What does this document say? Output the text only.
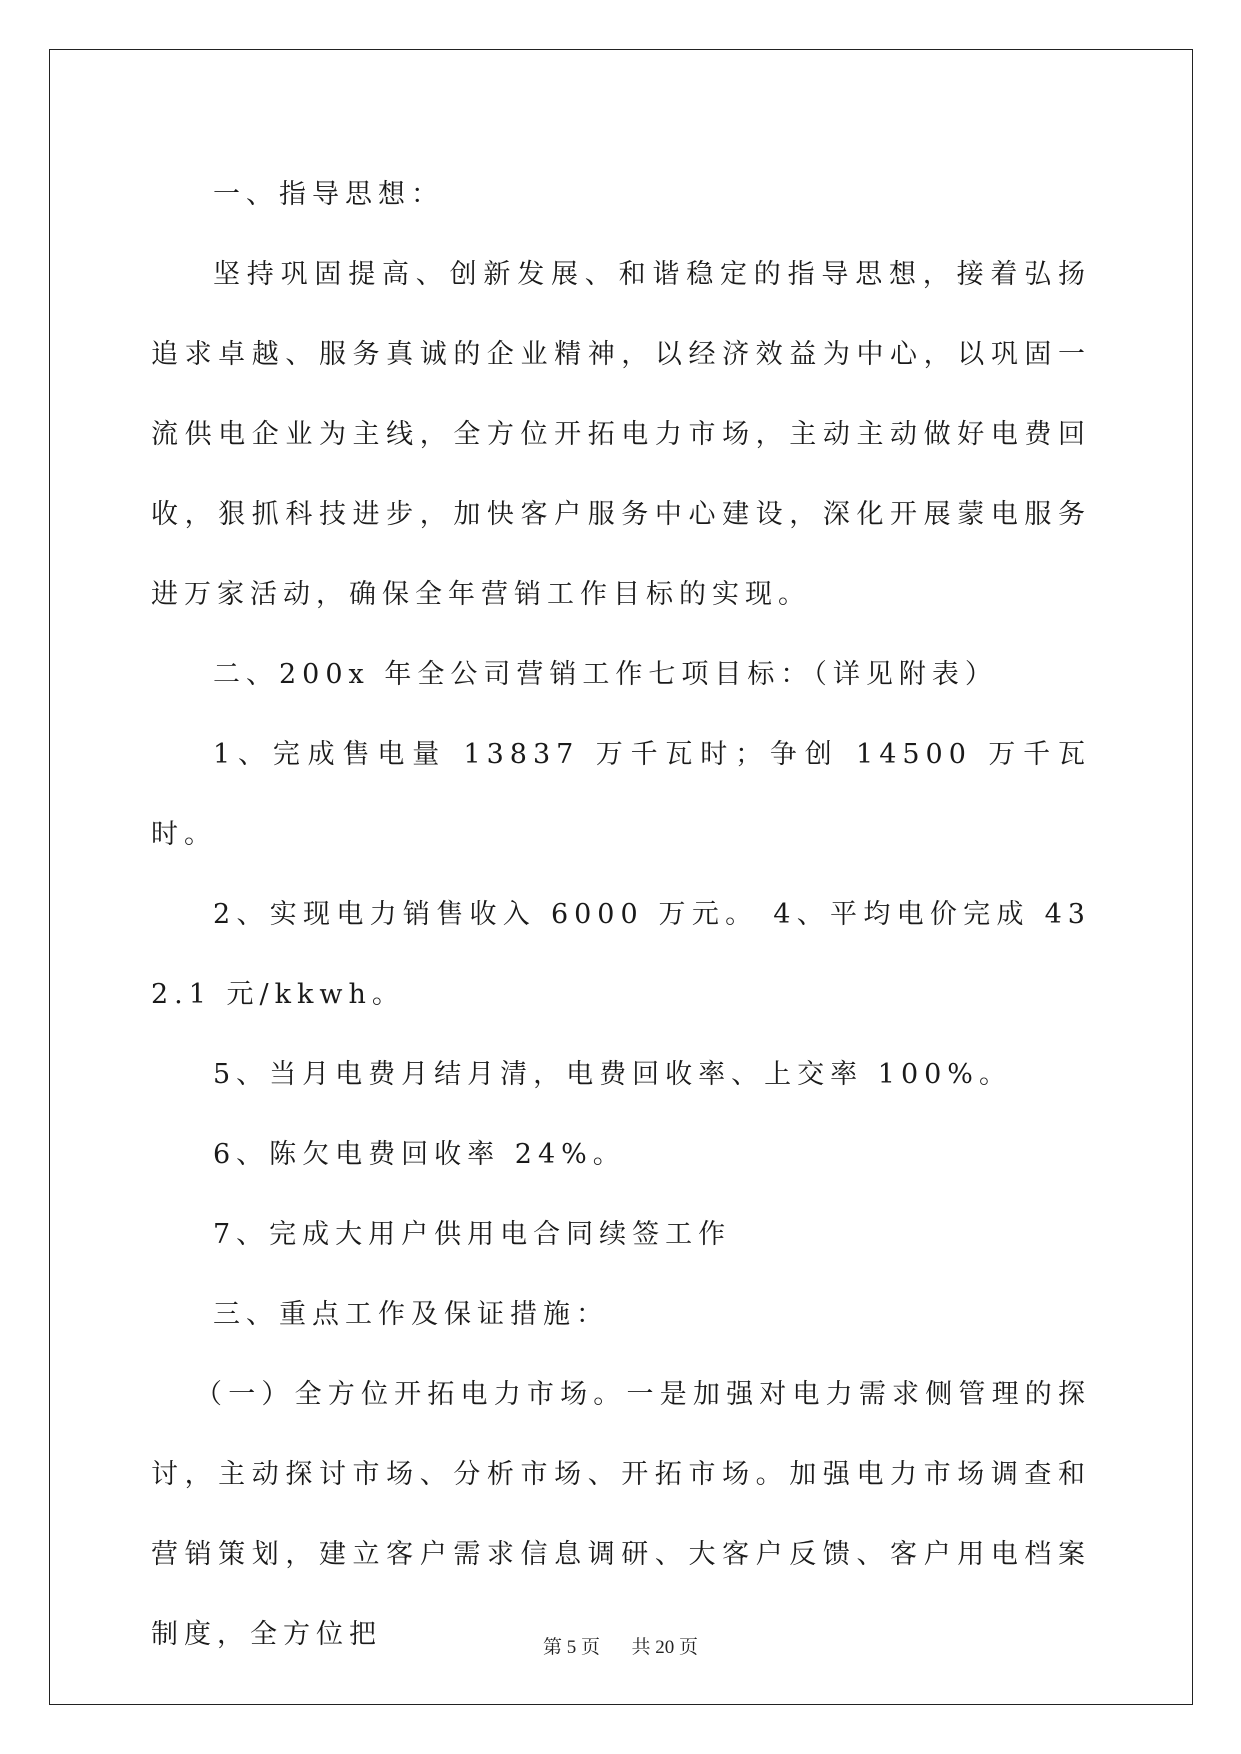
一、指导思想：

坚持巩固提高、创新发展、和谐稳定的指导思想，接着弘扬追求卓越、服务真诚的企业精神，以经济效益为中心，以巩固一流供电企业为主线，全方位开拓电力市场，主动主动做好电费回收，狠抓科技进步，加快客户服务中心建设，深化开展蒙电服务进万家活动，确保全年营销工作目标的实现。

二、200x 年全公司营销工作七项目标：（详见附表）

1、完成售电量 13837 万千瓦时；争创 14500 万千瓦时。

2、实现电力销售收入 6000 万元。 4、平均电价完成 432.1 元/kkwh。

5、当月电费月结月清，电费回收率、上交率 100%。

6、陈欠电费回收率 24%。

7、完成大用户供用电合同续签工作

三、重点工作及保证措施：

（一）全方位开拓电力市场。一是加强对电力需求侧管理的探讨，主动探讨市场、分析市场、开拓市场。加强电力市场调查和营销策划，建立客户需求信息调研、大客户反馈、客户用电档案制度，全方位把	第 5 页 共 20 页
